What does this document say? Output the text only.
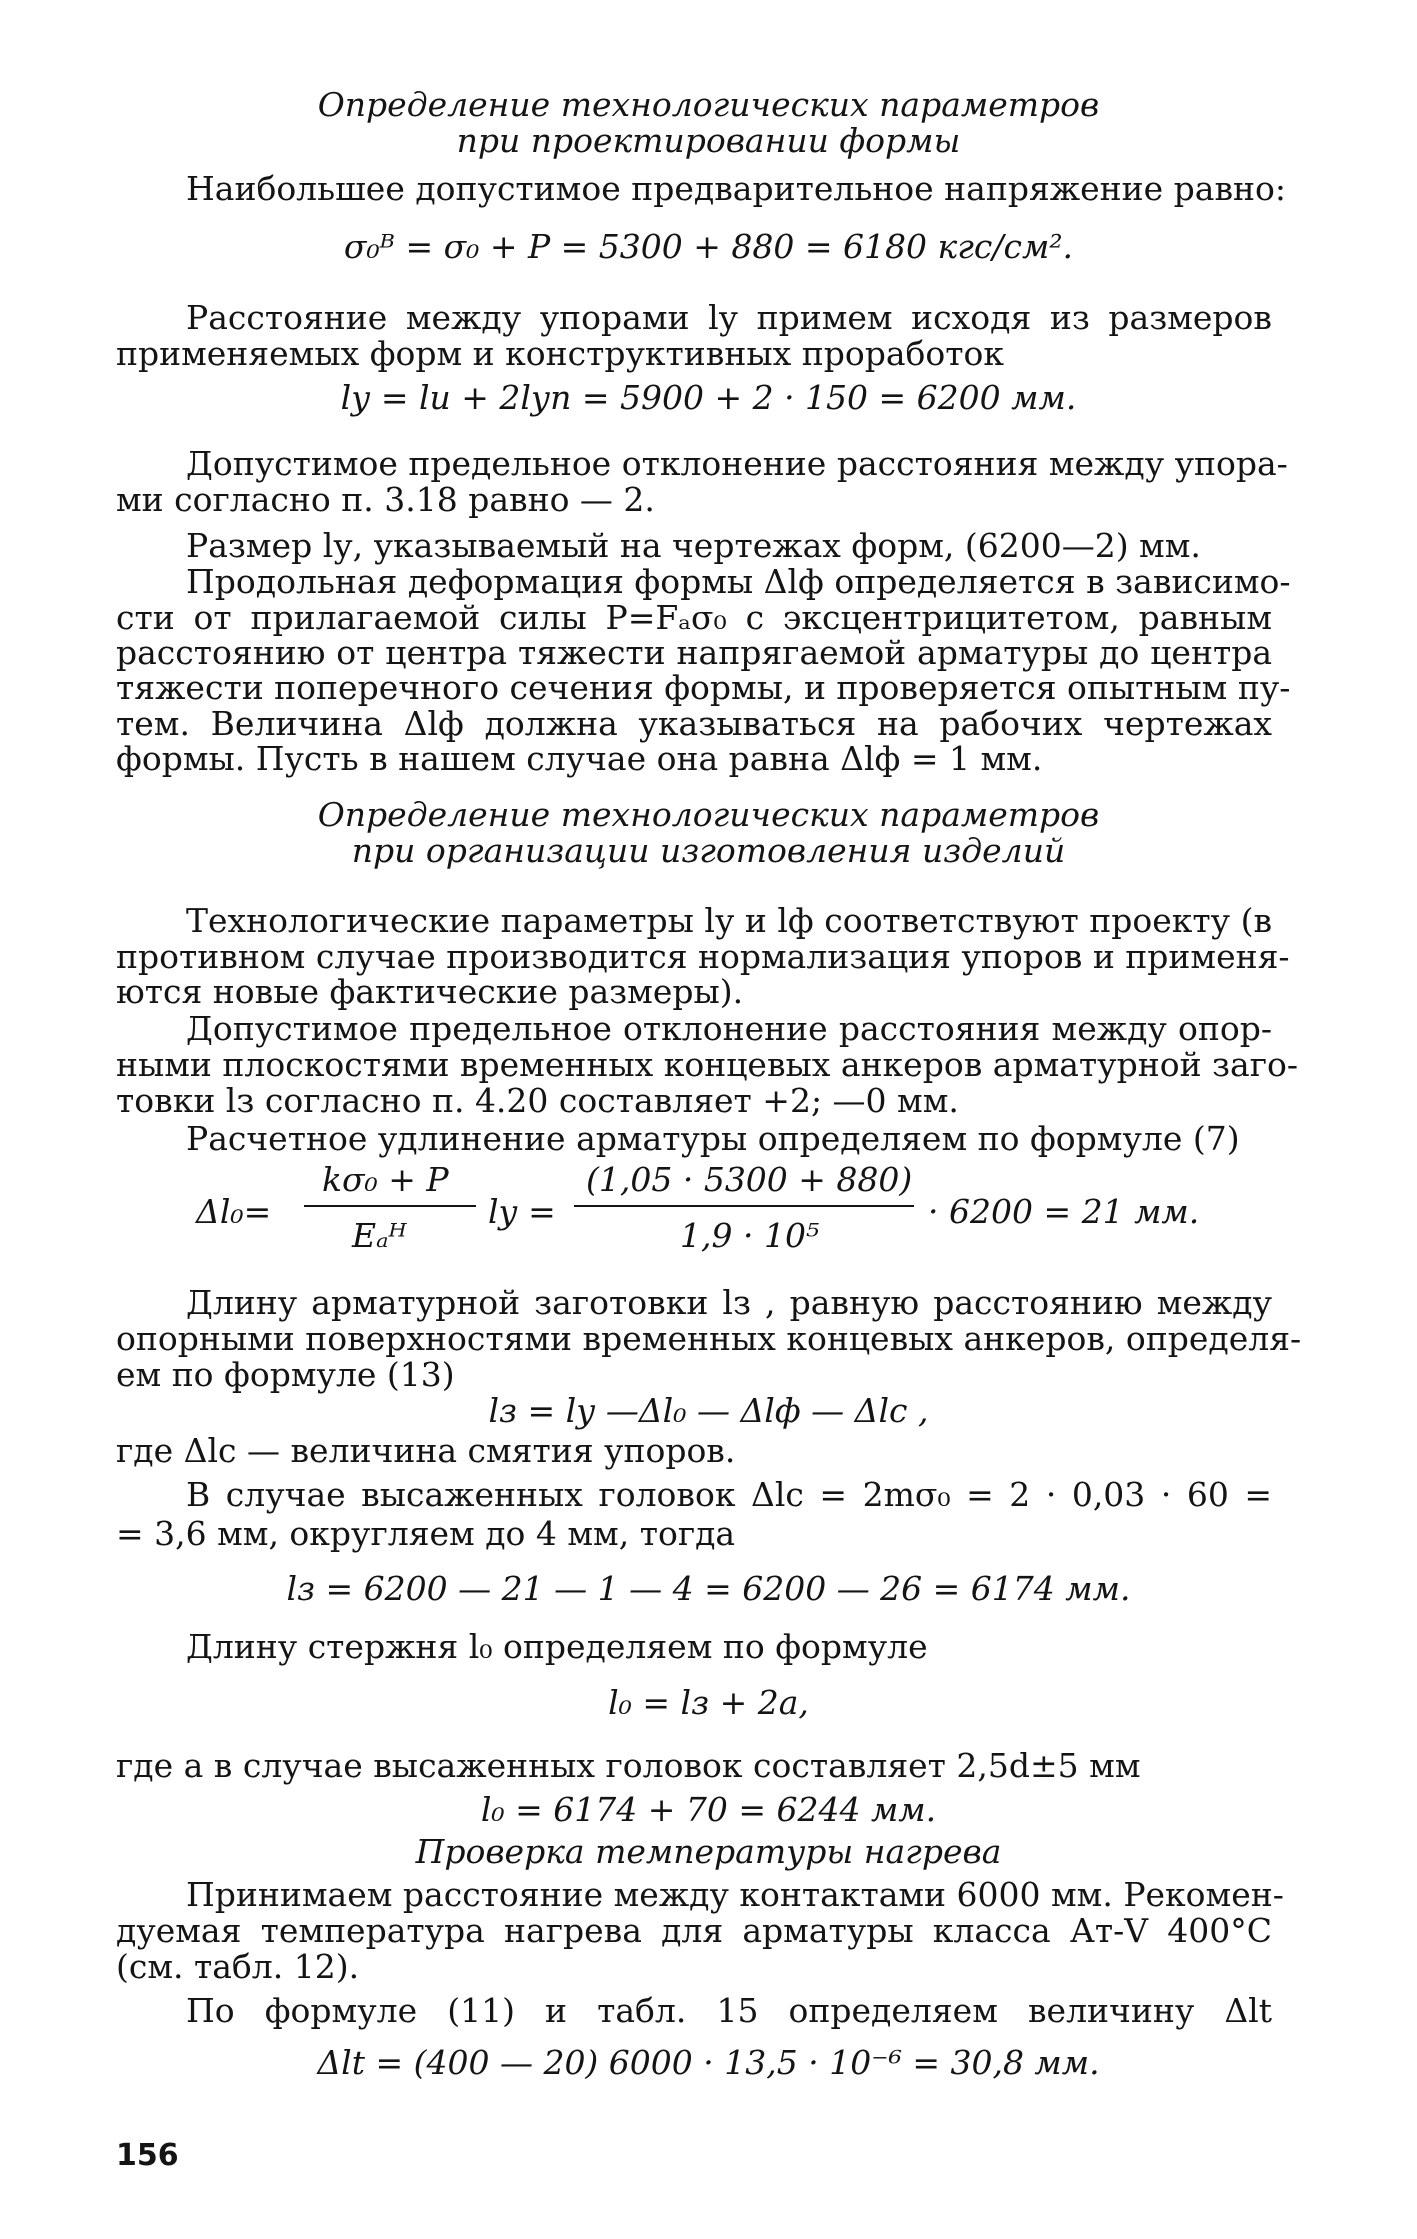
Определение технологических параметров
при проектировании формы
Наибольшее допустимое предварительное напряжение равно:
σ₀ᴮ = σ₀ + P = 5300 + 880 = 6180 кгс/см².
Расстояние между упорами lу примем исходя из размеров
применяемых форм и конструктивных проработок
lу = lи + 2lуп = 5900 + 2 · 150 = 6200 мм.
Допустимое предельное отклонение расстояния между упора-
ми согласно п. 3.18 равно — 2.
Размер lу, указываемый на чертежах форм, (6200—2) мм.
Продольная деформация формы Δlф определяется в зависимо-
сти от прилагаемой силы P=Fₐσ₀ с эксцентрицитетом, равным
расстоянию от центра тяжести напрягаемой арматуры до центра
тяжести поперечного сечения формы, и проверяется опытным пу-
тем. Величина Δlф должна указываться на рабочих чертежах
формы. Пусть в нашем случае она равна Δlф = 1 мм.
Определение технологических параметров
при организации изготовления изделий
Технологические параметры lу и lф соответствуют проекту (в
противном случае производится нормализация упоров и применя-
ются новые фактические размеры).
Допустимое предельное отклонение расстояния между опор-
ными плоскостями временных концевых анкеров арматурной заго-
товки lз согласно п. 4.20 составляет +2; —0 мм.
Расчетное удлинение арматуры определяем по формуле (7)
Δl₀=
kσ₀ + P
Eₐᴴ
lу =
(1,05 · 5300 + 880)
1,9 · 10⁵
· 6200 = 21 мм.
Длину арматурной заготовки lз , равную расстоянию между
опорными поверхностями временных концевых анкеров, определя-
ем по формуле (13)
lз = lу —Δl₀ — Δlф — Δlс ,
где Δlс — величина смятия упоров.
В случае высаженных головок Δlс = 2mσ₀ = 2 · 0,03 · 60 =
= 3,6 мм, округляем до 4 мм, тогда
lз = 6200 — 21 — 1 — 4 = 6200 — 26 = 6174 мм.
Длину стержня l₀ определяем по формуле
l₀ = lз + 2a,
где a в случае высаженных головок составляет 2,5d±5 мм
l₀ = 6174 + 70 = 6244 мм.
Проверка температуры нагрева
Принимаем расстояние между контактами 6000 мм. Рекомен-
дуемая температура нагрева для арматуры класса Ат-V 400°C
(см. табл. 12).
По формуле (11) и табл. 15 определяем величину Δlt
Δlt = (400 — 20) 6000 · 13,5 · 10⁻⁶ = 30,8 мм.
156
